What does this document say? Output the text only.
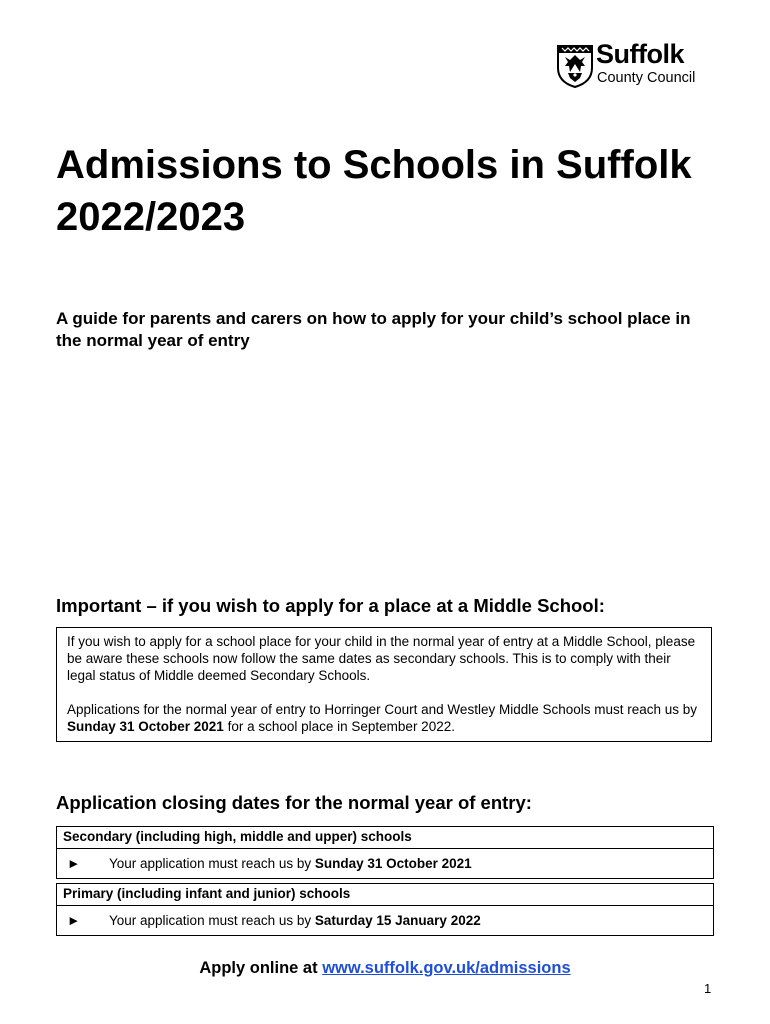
Suffolk
County Council
Admissions to Schools in Suffolk 2022/2023

A guide for parents and carers on how to apply for your child’s school place in the normal year of entry

Important – if you wish to apply for a place at a Middle School:

If you wish to apply for a school place for your child in the normal year of entry at a Middle School, please be aware these schools now follow the same dates as secondary schools. This is to comply with their legal status of Middle deemed Secondary Schools.

Applications for the normal year of entry to Horringer Court and Westley Middle Schools must reach us by Sunday 31 October 2021 for a school place in September 2022.

Application closing dates for the normal year of entry:
Secondary (including high, middle and upper) schools
► Your application must reach us by Sunday 31 October 2021
Primary (including infant and junior) schools
► Your application must reach us by Saturday 15 January 2022
Apply online at www.suffolk.gov.uk/admissions
1
